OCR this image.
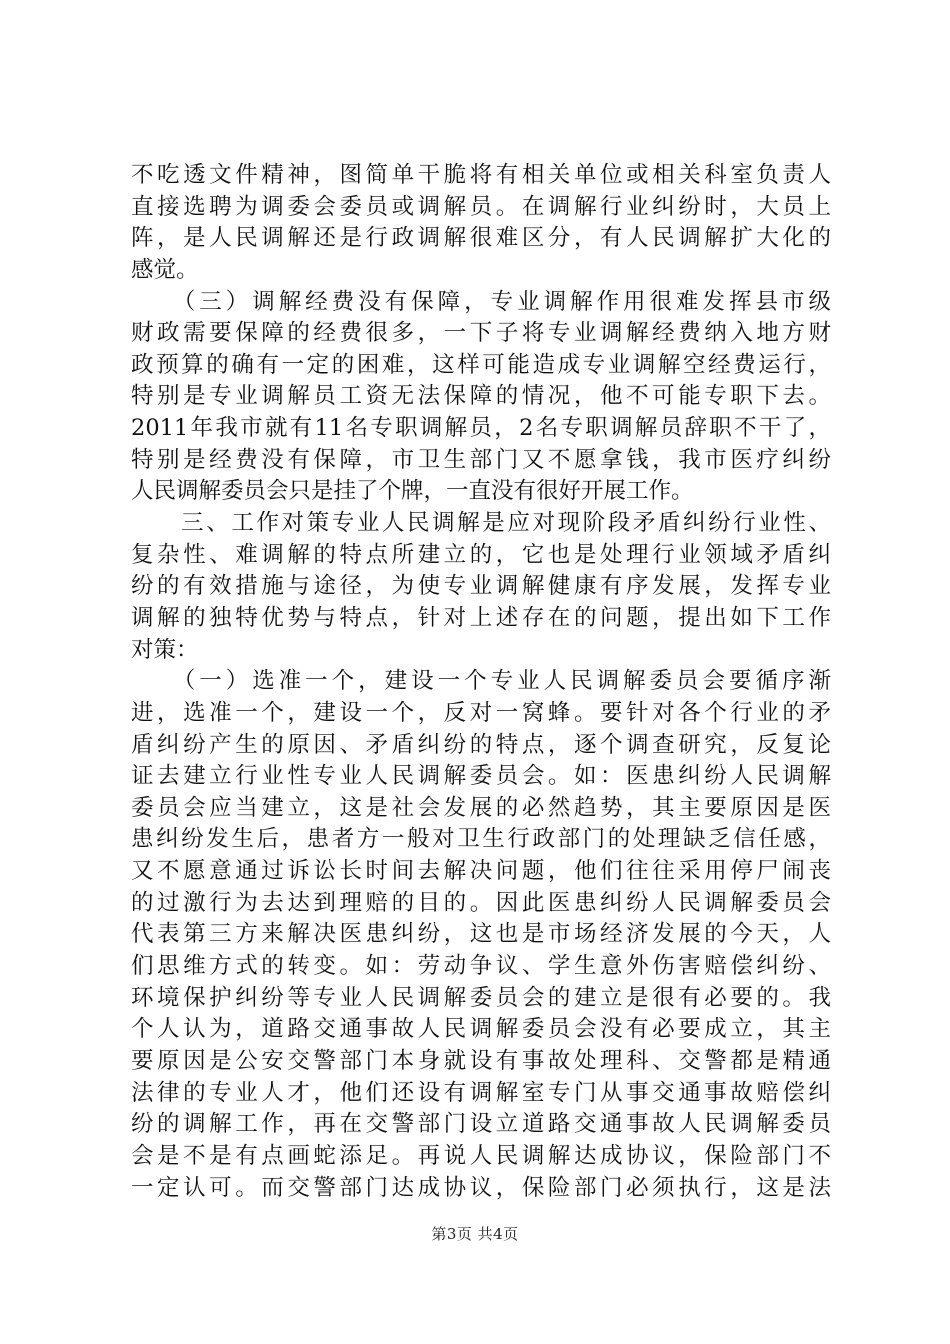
不吃透文件精神，图简单干脆将有相关单位或相关科室负责人
直接选聘为调委会委员或调解员。在调解行业纠纷时，大员上
阵，是人民调解还是行政调解很难区分，有人民调解扩大化的
感觉。
　　（三）调解经费没有保障，专业调解作用很难发挥县市级
财政需要保障的经费很多，一下子将专业调解经费纳入地方财
政预算的确有一定的困难，这样可能造成专业调解空经费运行，
特别是专业调解员工资无法保障的情况，他不可能专职下去。
2011年我市就有11名专职调解员，2名专职调解员辞职不干了，
特别是经费没有保障，市卫生部门又不愿拿钱，我市医疗纠纷
人民调解委员会只是挂了个牌，一直没有很好开展工作。
　　三、工作对策专业人民调解是应对现阶段矛盾纠纷行业性、
复杂性、难调解的特点所建立的，它也是处理行业领域矛盾纠
纷的有效措施与途径，为使专业调解健康有序发展，发挥专业
调解的独特优势与特点，针对上述存在的问题，提出如下工作
对策：
　　（一）选准一个，建设一个专业人民调解委员会要循序渐
进，选准一个，建设一个，反对一窝蜂。要针对各个行业的矛
盾纠纷产生的原因、矛盾纠纷的特点，逐个调查研究，反复论
证去建立行业性专业人民调解委员会。如：医患纠纷人民调解
委员会应当建立，这是社会发展的必然趋势，其主要原因是医
患纠纷发生后，患者方一般对卫生行政部门的处理缺乏信任感，
又不愿意通过诉讼长时间去解决问题，他们往往采用停尸闹丧
的过激行为去达到理赔的目的。因此医患纠纷人民调解委员会
代表第三方来解决医患纠纷，这也是市场经济发展的今天，人
们思维方式的转变。如：劳动争议、学生意外伤害赔偿纠纷、
环境保护纠纷等专业人民调解委员会的建立是很有必要的。我
个人认为，道路交通事故人民调解委员会没有必要成立，其主
要原因是公安交警部门本身就设有事故处理科、交警都是精通
法律的专业人才，他们还设有调解室专门从事交通事故赔偿纠
纷的调解工作，再在交警部门设立道路交通事故人民调解委员
会是不是有点画蛇添足。再说人民调解达成协议，保险部门不
一定认可。而交警部门达成协议，保险部门必须执行，这是法
第3页 共4页
